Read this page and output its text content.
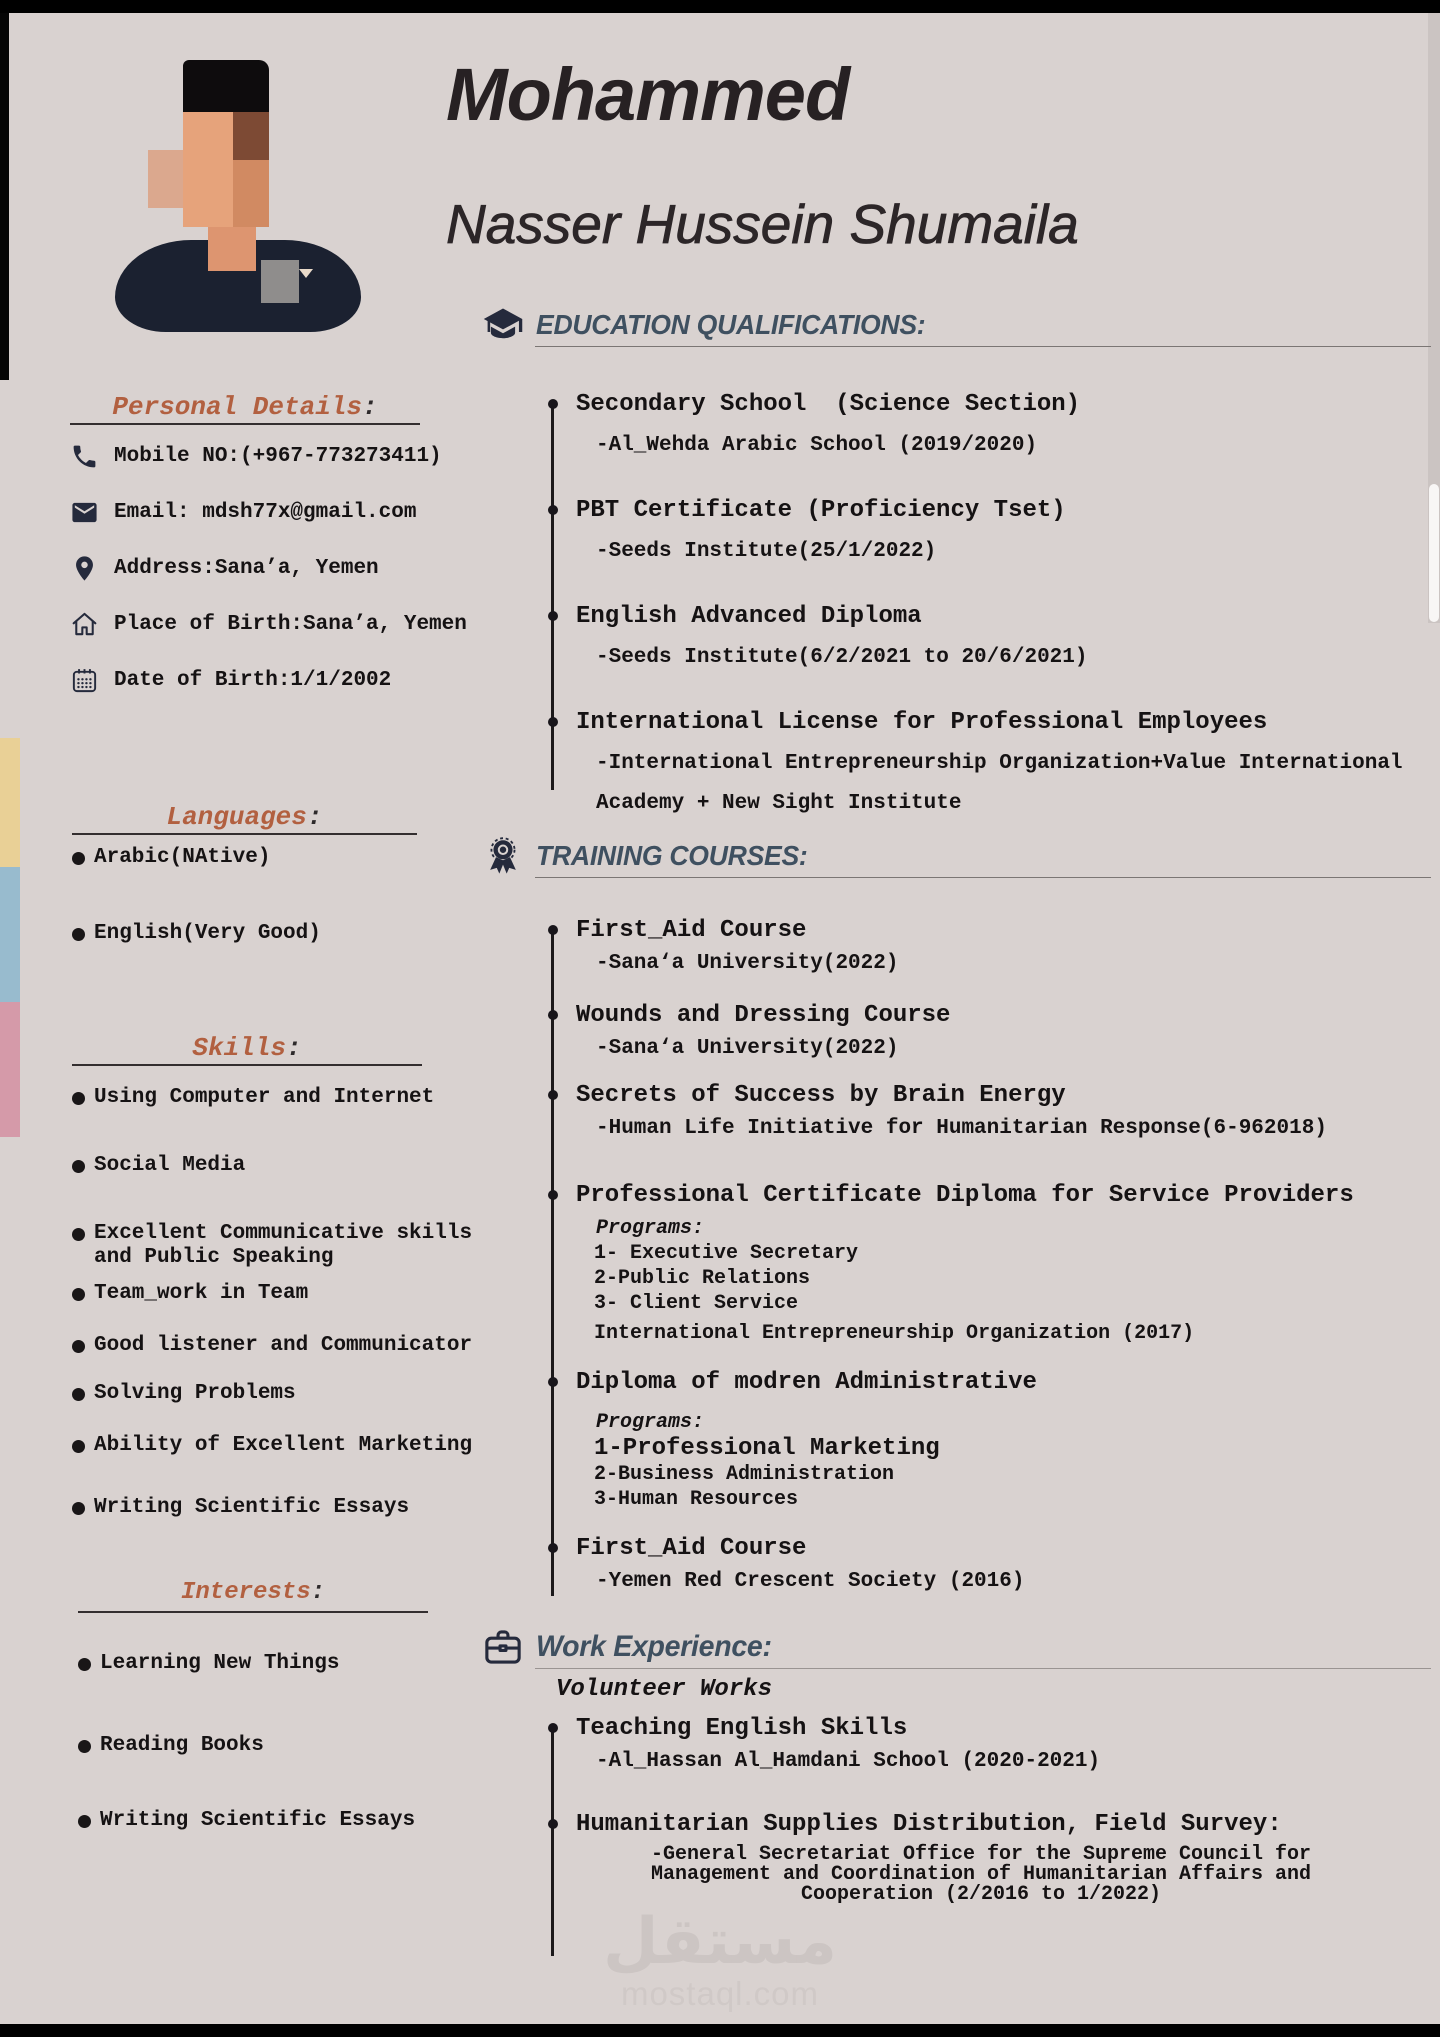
Mohammed
Nasser Hussein Shumaila
Personal Details:
Mobile NO:(+967-773273411)
Email: mdsh77x@gmail.com
Address:Sana’a, Yemen
Place of Birth:Sana’a, Yemen
Date of Birth:1/1/2002
Languages:
Arabic(NAtive)
English(Very Good)
Skills:
Using Computer and Internet
Social Media
Excellent Communicative skills and Public Speaking
Team_work in Team
Good listener and Communicator
Solving Problems
Ability of Excellent Marketing
Writing Scientific Essays
Interests:
Learning New Things
Reading Books
Writing Scientific Essays
EDUCATION QUALIFICATIONS:
Secondary School  (Science Section)
-Al_Wehda Arabic School (2019/2020)
PBT Certificate (Proficiency Tset)
-Seeds Institute(25/1/2022)
English Advanced Diploma
-Seeds Institute(6/2/2021 to 20/6/2021)
International License for Professional Employees
-International Entrepreneurship Organization+Value International
Academy + New Sight Institute
TRAINING COURSES:
First_Aid Course
-Sana‘a University(2022)
Wounds and Dressing Course
-Sana‘a University(2022)
Secrets of Success by Brain Energy
-Human Life Initiative for Humanitarian Response(6-962018)
Professional Certificate Diploma for Service Providers
Programs:
1- Executive Secretary
2-Public Relations
3- Client Service
International Entrepreneurship Organization (2017)
Diploma of modren Administrative
Programs:
1-Professional Marketing
2-Business Administration
3-Human Resources
First_Aid Course
-Yemen Red Crescent Society (2016)
Work Experience:
Volunteer Works
Teaching English Skills
-Al_Hassan Al_Hamdani School (2020-2021)
Humanitarian Supplies Distribution, Field Survey:
-General Secretariat Office for the Supreme Council for
Management and Coordination of Humanitarian Affairs and
Cooperation (2/2016 to 1/2022)
مستقل
mostaql.com
